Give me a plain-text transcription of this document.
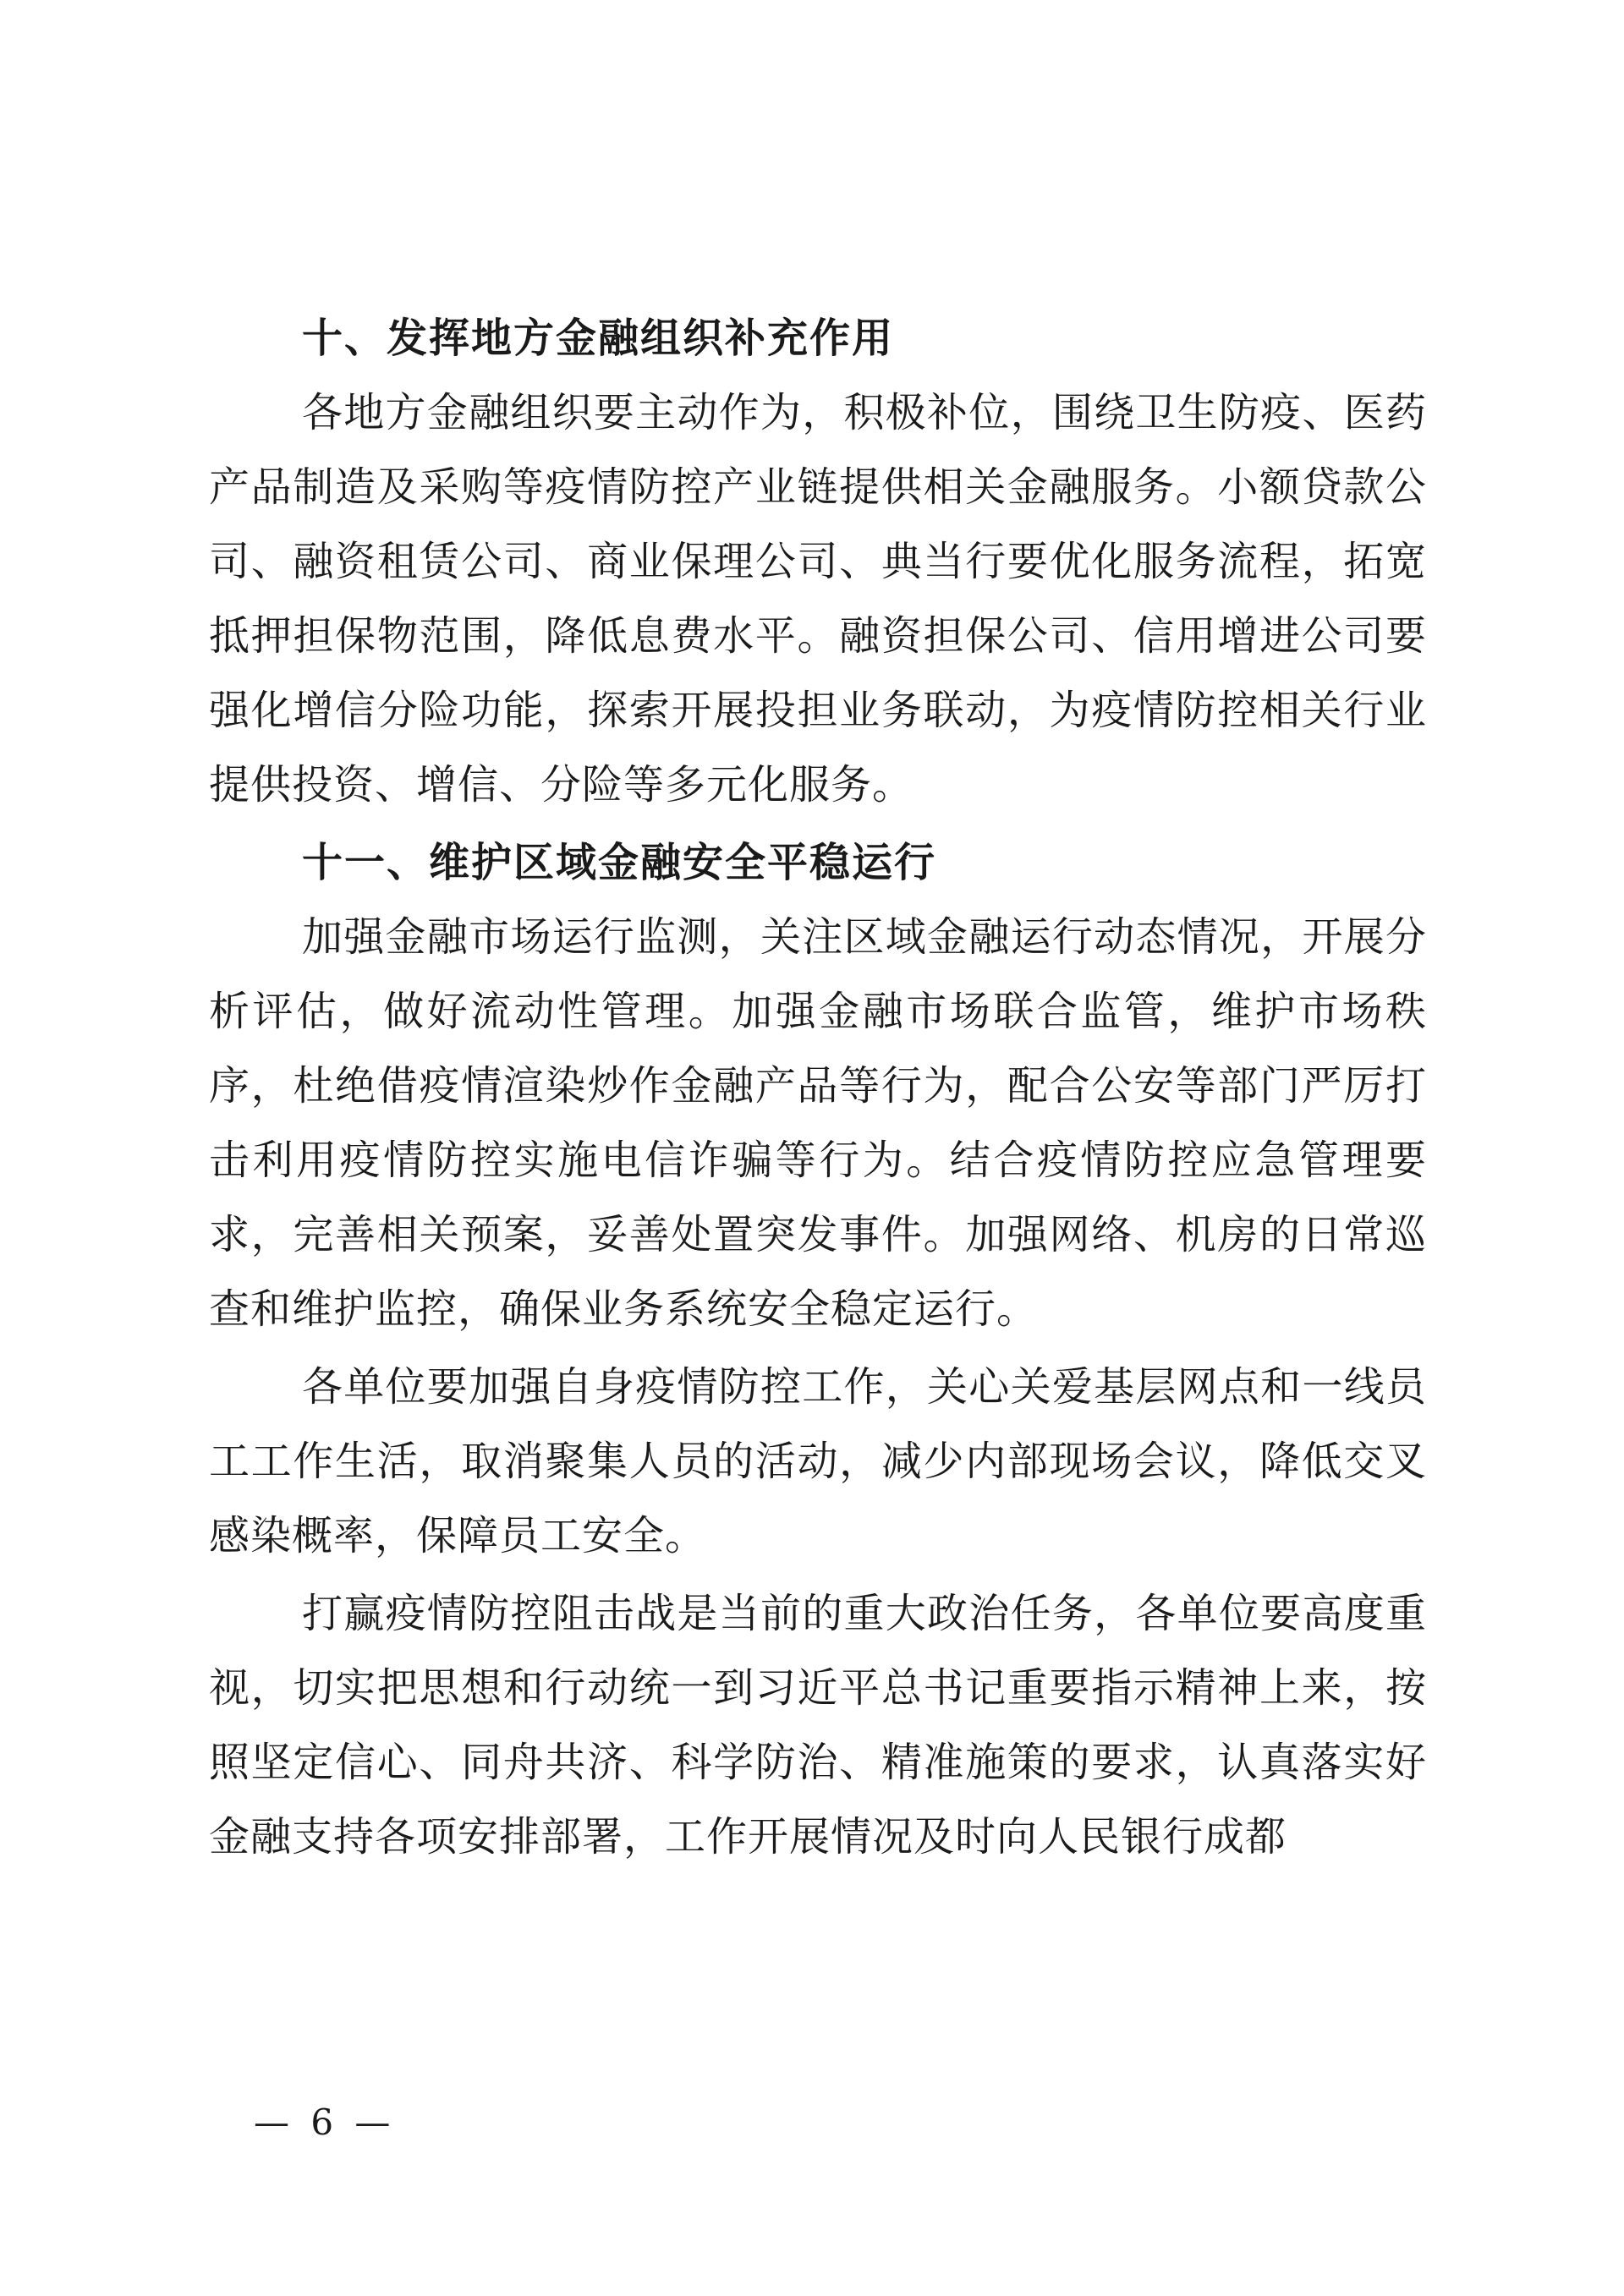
十、发挥地方金融组织补充作用

各地方金融组织要主动作为，积极补位，围绕卫生防疫、医药产品制造及采购等疫情防控产业链提供相关金融服务。小额贷款公司、融资租赁公司、商业保理公司、典当行要优化服务流程，拓宽抵押担保物范围，降低息费水平。融资担保公司、信用增进公司要强化增信分险功能，探索开展投担业务联动，为疫情防控相关行业提供投资、增信、分险等多元化服务。

十一、维护区域金融安全平稳运行

加强金融市场运行监测，关注区域金融运行动态情况，开展分析评估，做好流动性管理。加强金融市场联合监管，维护市场秩序，杜绝借疫情渲染炒作金融产品等行为，配合公安等部门严厉打击利用疫情防控实施电信诈骗等行为。结合疫情防控应急管理要求，完善相关预案，妥善处置突发事件。加强网络、机房的日常巡查和维护监控，确保业务系统安全稳定运行。

各单位要加强自身疫情防控工作，关心关爱基层网点和一线员工工作生活，取消聚集人员的活动，减少内部现场会议，降低交叉感染概率，保障员工安全。

打赢疫情防控阻击战是当前的重大政治任务，各单位要高度重视，切实把思想和行动统一到习近平总书记重要指示精神上来，按照坚定信心、同舟共济、科学防治、精准施策的要求，认真落实好金融支持各项安排部署，工作开展情况及时向人民银行成都

— 6 —
